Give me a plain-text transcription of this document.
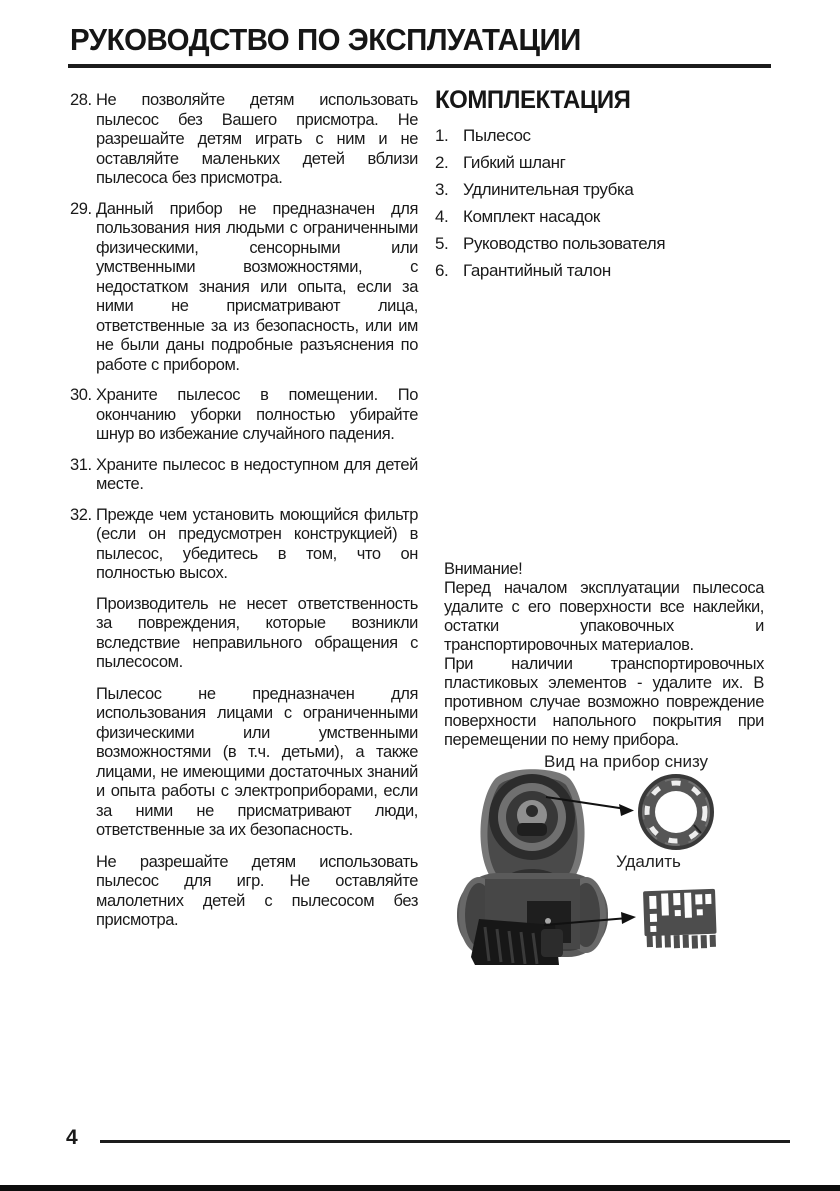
РУКОВОДСТВО ПО ЭКСПЛУАТАЦИИ
28. Не позволяйте детям использовать пылесос без Вашего присмотра. Не разрешайте детям играть с ним и не оставляйте маленьких детей вблизи пылесоса без присмотра.
29. Данный прибор не предназначен для пользования ния людьми с ограниченными физическими, сенсорными или умственными возможностями, с недостатком знания или опыта, если за ними не присматривают лица, ответственные за из безопасность, или им не были даны подробные разъяснения по работе с прибором.
30. Храните пылесос в помещении. По окончанию уборки полностью убирайте шнур во избежание случайного падения.
31. Храните пылесос в недоступном для детей месте.
32. Прежде чем установить моющийся фильтр (если он предусмотрен конструкцией) в пылесос, убедитесь в том, что он полностью высох.
Производитель не несет ответственность за повреждения, которые возникли вследствие неправильного обращения с пылесосом.
Пылесос не предназначен для использования лицами с ограниченными физическими или умственными возможностями (в т.ч. детьми), а также лицами, не имеющими достаточных знаний и опыта работы с электроприборами, если за ними не присматривают люди, ответственные за их безопасность.
Не разрешайте детям использовать пылесос для игр. Не оставляйте малолетних детей с пылесосом без присмотра.
КОМПЛЕКТАЦИЯ
1. Пылесос
2. Гибкий шланг
3. Удлинительная трубка
4. Комплект насадок
5. Руководство пользователя
6. Гарантийный талон
Внимание!
Перед началом эксплуатации пылесоса удалите с его поверхности все наклейки, остатки упаковочных и транспортировочных материалов.
При наличии транспортировочных пластиковых элементов - удалите их. В противном случае возможно повреждение поверхности напольного покрытия при перемещении по нему прибора.
Вид на прибор снизу
Удалить
4
